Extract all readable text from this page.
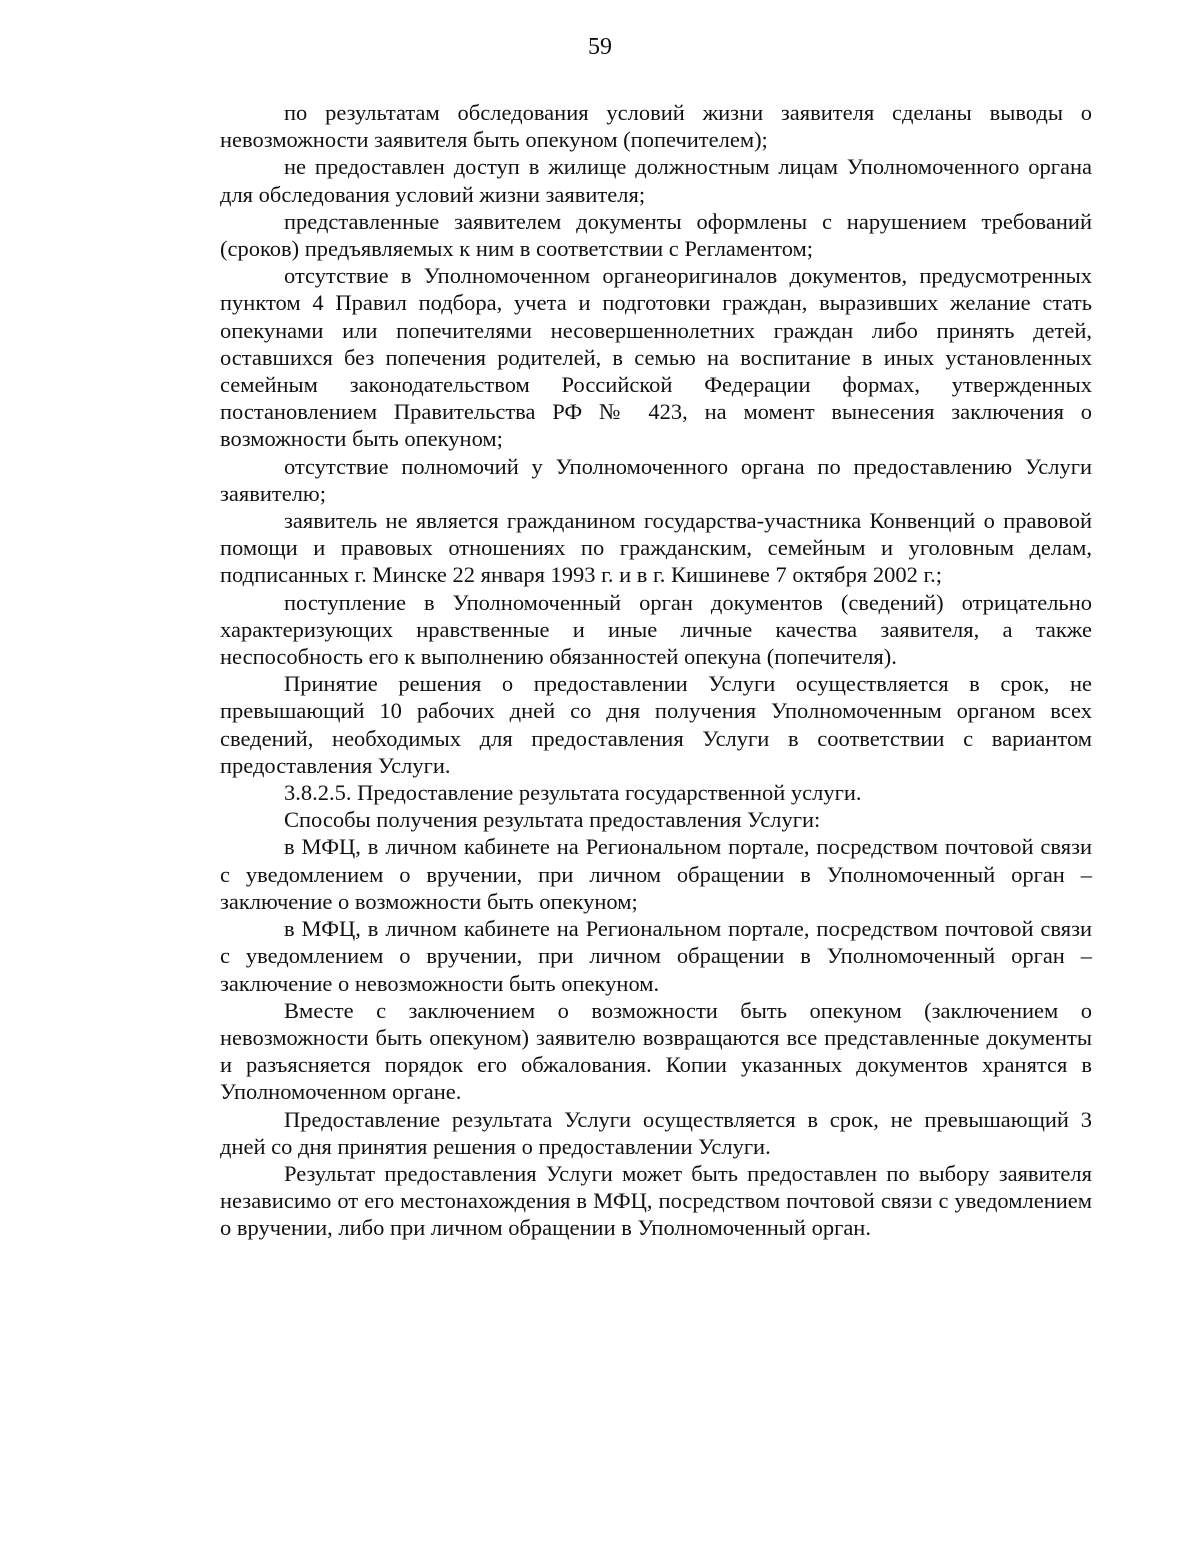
59

по результатам обследования условий жизни заявителя сделаны выводы о невозможности заявителя быть опекуном (попечителем);

не предоставлен доступ в жилище должностным лицам Уполномоченного органа для обследования условий жизни заявителя;

представленные заявителем документы оформлены с нарушением требований (сроков) предъявляемых к ним в соответствии с Регламентом;

отсутствие в Уполномоченном органеоригиналов документов, предусмотренных пунктом 4 Правил подбора, учета и подготовки граждан, выразивших желание стать опекунами или попечителями несовершеннолетних граждан либо принять детей, оставшихся без попечения родителей, в семью на воспитание в иных установленных семейным законодательством Российской Федерации формах, утвержденных постановлением Правительства РФ № 423, на момент вынесения заключения о возможности быть опекуном;

отсутствие полномочий у Уполномоченного органа по предоставлению Услуги заявителю;

заявитель не является гражданином государства-участника Конвенций о правовой помощи и правовых отношениях по гражданским, семейным и уголовным делам, подписанных г. Минске 22 января 1993 г. и в г. Кишиневе 7 октября 2002 г.;

поступление в Уполномоченный орган документов (сведений) отрицательно характеризующих нравственные и иные личные качества заявителя, а также неспособность его к выполнению обязанностей опекуна (попечителя).

Принятие решения о предоставлении Услуги осуществляется в срок, не превышающий 10 рабочих дней со дня получения Уполномоченным органом всех сведений, необходимых для предоставления Услуги в соответствии с вариантом предоставления Услуги.

3.8.2.5. Предоставление результата государственной услуги.

Способы получения результата предоставления Услуги:

в МФЦ, в личном кабинете на Региональном портале, посредством почтовой связи с уведомлением о вручении, при личном обращении в Уполномоченный орган – заключение о возможности быть опекуном;

в МФЦ, в личном кабинете на Региональном портале, посредством почтовой связи с уведомлением о вручении, при личном обращении в Уполномоченный орган – заключение о невозможности быть опекуном.

Вместе с заключением о возможности быть опекуном (заключением о невозможности быть опекуном) заявителю возвращаются все представленные документы и разъясняется порядок его обжалования. Копии указанных документов хранятся в Уполномоченном органе.

Предоставление результата Услуги осуществляется в срок, не превышающий 3 дней со дня принятия решения о предоставлении Услуги.

Результат предоставления Услуги может быть предоставлен по выбору заявителя независимо от его местонахождения в МФЦ, посредством почтовой связи с уведомлением о вручении, либо при личном обращении в Уполномоченный орган.
